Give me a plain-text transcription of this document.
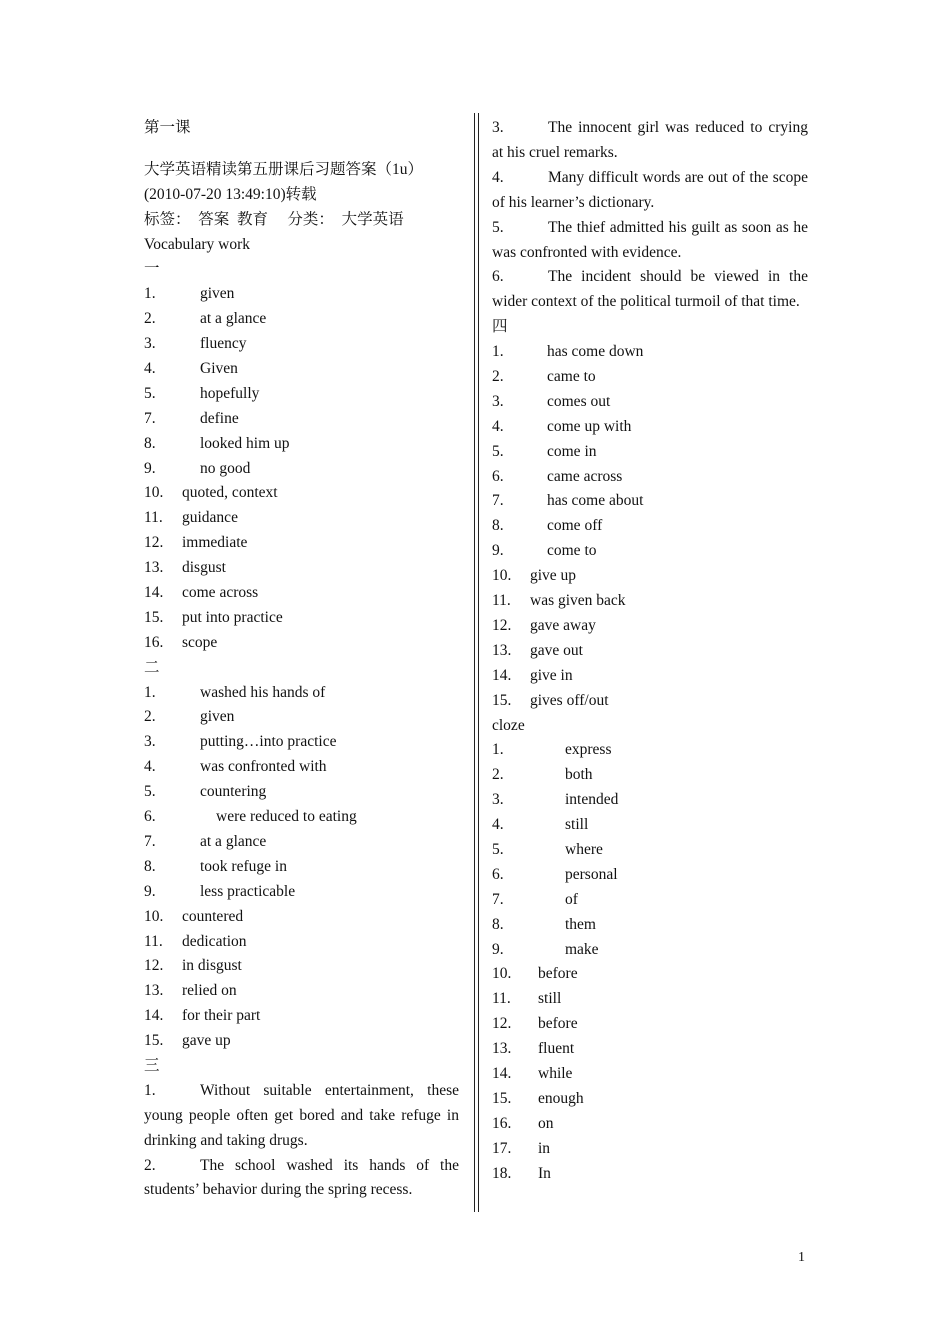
第一课
大学英语精读第五册课后习题答案（1u）
(2010-07-20 13:49:10)转载
标签：  答案  教育     分类：  大学英语
Vocabulary work
一
1.	given
2.	at a glance
3.	fluency
4.	Given
5.	hopefully
7.	define
8.	looked him up
9.	no good
10. quoted, context
11. guidance
12. immediate
13. disgust
14. come across
15. put into practice
16. scope
二
1.	washed his hands of
2.	given
3.	putting…into practice
4.	was confronted with
5.	countering
6.	were reduced to eating
7.	at a glance
8.	took refuge in
9.	less practicable
10. countered
11. dedication
12. in disgust
13. relied on
14. for their part
15. gave up
三
1.	Without suitable entertainment, these young people often get bored and take refuge in drinking and taking drugs.
2.	The school washed its hands of the students’ behavior during the spring recess.
3.	The innocent girl was reduced to crying at his cruel remarks.
4.	Many difficult words are out of the scope of his learner’s dictionary.
5.	The thief admitted his guilt as soon as he was confronted with evidence.
6.	The incident should be viewed in the wider context of the political turmoil of that time.
四
1.	has come down
2.	came to
3.	comes out
4.	come up with
5.	come in
6.	came across
7.	has come about
8.	come off
9.	come to
10. give up
11. was given back
12. gave away
13. gave out
14. give in
15. gives off/out
cloze
1.	express
2.	both
3.	intended
4.	still
5.	where
6.	personal
7.	of
8.	them
9.	make
10. before
11. still
12. before
13. fluent
14. while
15. enough
16. on
17. in
18. In
1
